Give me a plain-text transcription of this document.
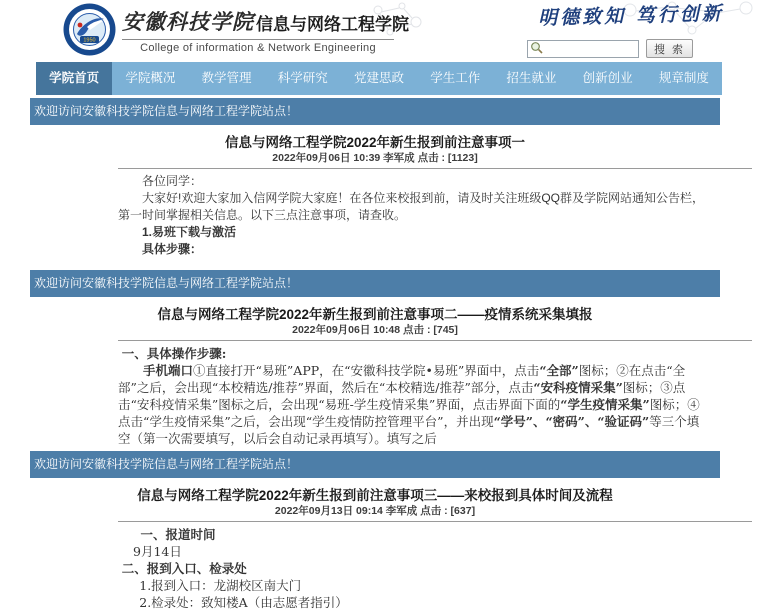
1950
安徽科技学院 信息与网络工程学院
College of information & Network Engineering
明德致知 笃行创新
搜 索
学院首页	学院概况	教学管理	科学研究	党建思政	学生工作	招生就业	创新创业	规章制度
欢迎访问安徽科技学院信息与网络工程学院站点！
信息与网络工程学院2022年新生报到前注意事项一
2022年09月06日 10:39 李军成 点击 : [1123]

各位同学：

大家好!欢迎大家加入信网学院大家庭！在各位来校报到前，请及时关注班级QQ群及学院网站通知公告栏，第一时间掌握相关信息。以下三点注意事项，请查收。

1.易班下载与激活

具体步骤：

欢迎访问安徽科技学院信息与网络工程学院站点！
信息与网络工程学院2022年新生报到前注意事项二——疫情系统采集填报
2022年09月06日 10:48 点击 : [745]

一、具体操作步骤:

手机端口①直接打开“易班”APP，在“安徽科技学院•易班”界面中，点击“全部”图标；②在点击“全部”之后，会出现“本校精选/推荐”界面，然后在“本校精选/推荐”部分，点击“安科疫情采集”图标；③点击“安科疫情采集”图标之后，会出现“易班-学生疫情采集”界面，点击界面下面的“学生疫情采集”图标；④点击“学生疫情采集”之后，会出现“学生疫情防控管理平台”，并出现“学号”、“密码”、“验证码”等三个填空（第一次需要填写，以后会自动记录再填写）。填写之后

欢迎访问安徽科技学院信息与网络工程学院站点！
信息与网络工程学院2022年新生报到前注意事项三——来校报到具体时间及流程
2022年09月13日 09:14 李军成 点击 : [637]

一、报道时间

9月14日

二、报到入口、检录处

1.报到入口：龙湖校区南大门

2.检录处：致知楼A（由志愿者指引）
